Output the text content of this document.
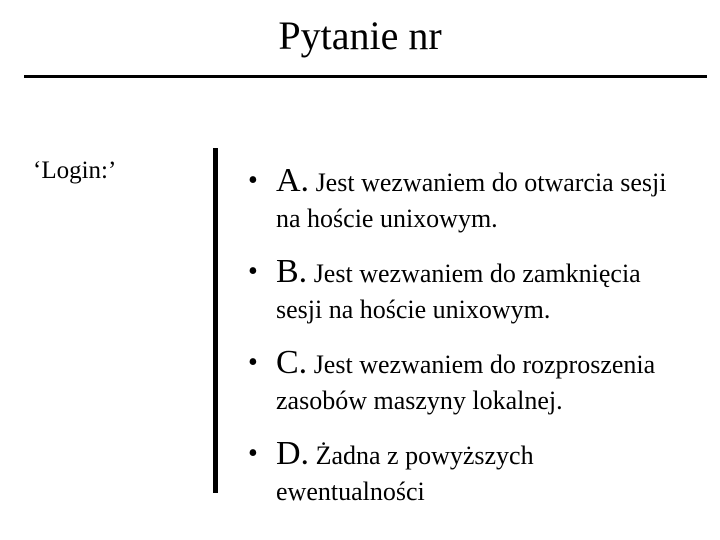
Pytanie nr
‘Login:’	• A. Jest wezwaniem do otwarcia sesji
na hoście unixowym.
• B. Jest wezwaniem do zamknięcia
sesji na hoście unixowym.
• C. Jest wezwaniem do rozproszenia
zasobów maszyny lokalnej.
• D. Żadna z powyższych
ewentualności
